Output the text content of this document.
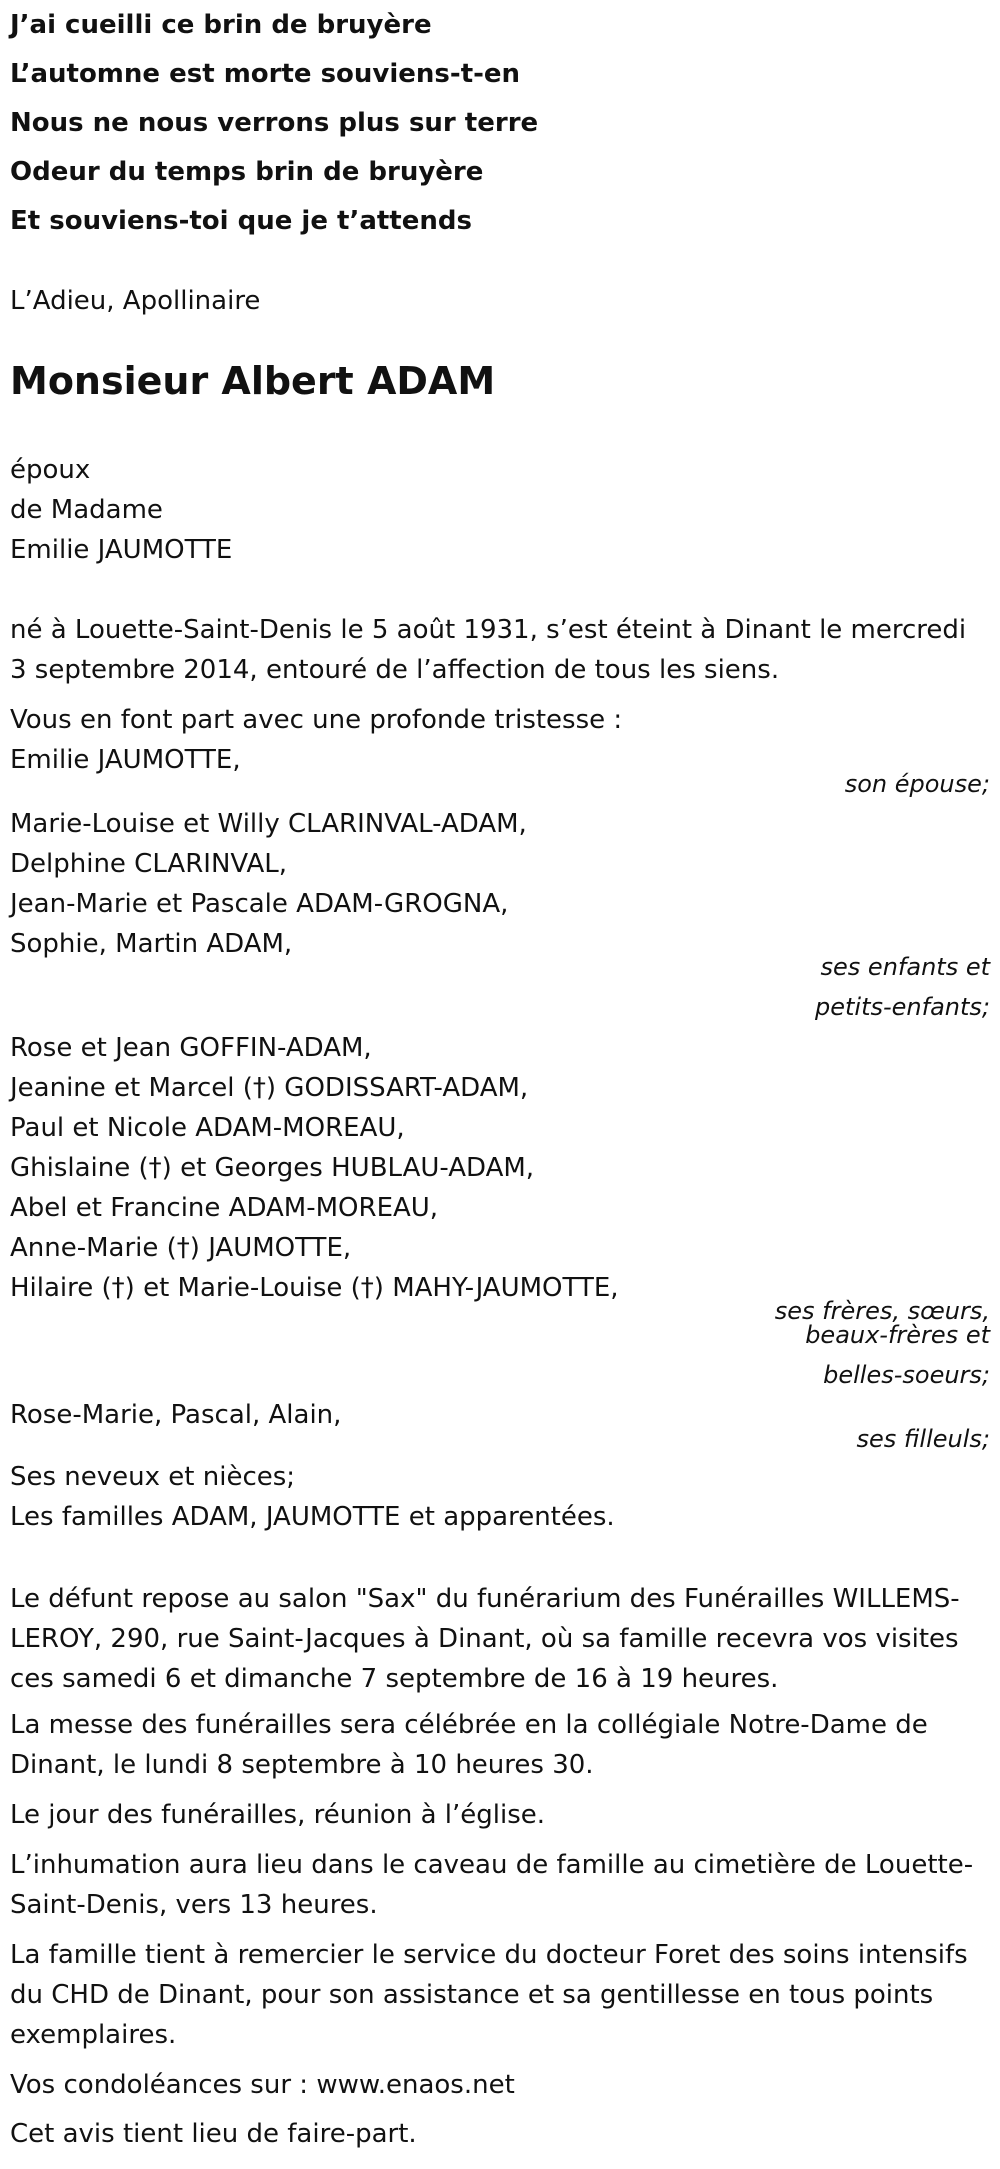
J’ai cueilli ce brin de bruyère
L’automne est morte souviens-t-en
Nous ne nous verrons plus sur terre
Odeur du temps brin de bruyère
Et souviens-toi que je t’attends
L’Adieu, Apollinaire
Monsieur Albert ADAM
époux
de Madame
Emilie JAUMOTTE
né à Louette-Saint-Denis le 5 août 1931, s’est éteint à Dinant le mercredi
3 septembre 2014, entouré de l’affection de tous les siens.
Vous en font part avec une profonde tristesse :
Emilie JAUMOTTE,
son épouse;
Marie-Louise et Willy CLARINVAL-ADAM,
Delphine CLARINVAL,
Jean-Marie et Pascale ADAM-GROGNA,
Sophie, Martin ADAM,
ses enfants et
petits-enfants;
Rose et Jean GOFFIN-ADAM,
Jeanine et Marcel (†) GODISSART-ADAM,
Paul et Nicole ADAM-MOREAU,
Ghislaine (†) et Georges HUBLAU-ADAM,
Abel et Francine ADAM-MOREAU,
Anne-Marie (†) JAUMOTTE,
Hilaire (†) et Marie-Louise (†) MAHY-JAUMOTTE,
ses frères, sœurs,
beaux-frères et
belles-soeurs;
Rose-Marie, Pascal, Alain,
ses filleuls;
Ses neveux et nièces;
Les familles ADAM, JAUMOTTE et apparentées.
Le défunt repose au salon "Sax" du funérarium des Funérailles WILLEMS-LEROY, 290, rue Saint-Jacques à Dinant, où sa famille recevra vos visites ces samedi 6 et dimanche 7 septembre de 16 à 19 heures.
La messe des funérailles sera célébrée en la collégiale Notre-Dame de Dinant, le lundi 8 septembre à 10 heures 30.
Le jour des funérailles, réunion à l’église.
L’inhumation aura lieu dans le caveau de famille au cimetière de Louette-Saint-Denis, vers 13 heures.
La famille tient à remercier le service du docteur Foret des soins intensifs du CHD de Dinant, pour son assistance et sa gentillesse en tous points exemplaires.
Vos condoléances sur : www.enaos.net
Cet avis tient lieu de faire-part.
